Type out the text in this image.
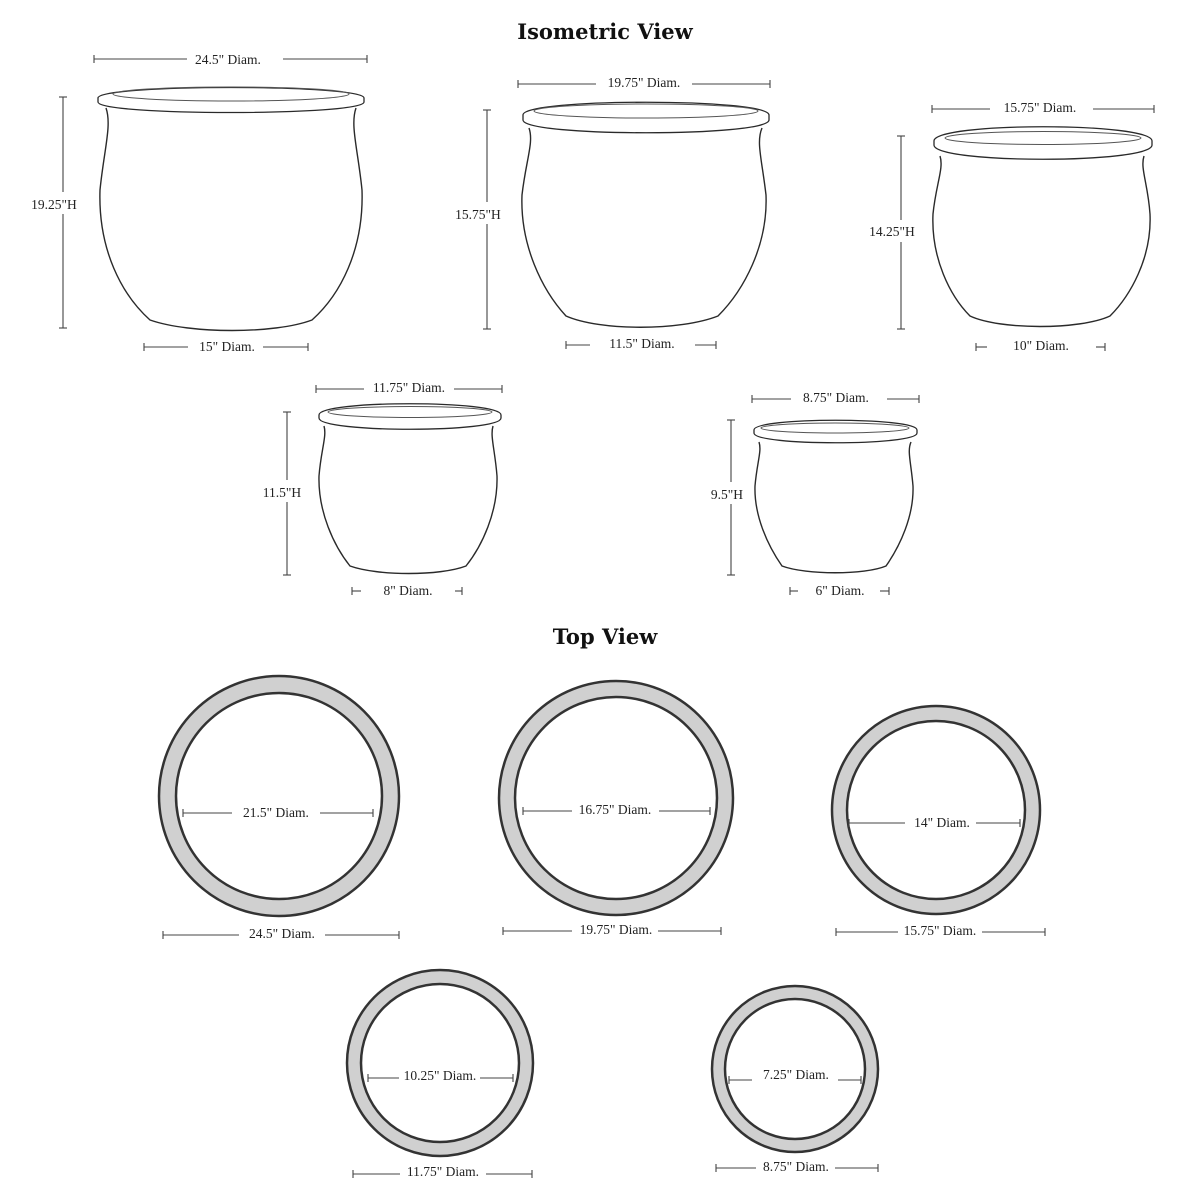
Isometric View
Top View
24.5" Diam.
19.25"H
15" Diam.
19.75" Diam.
15.75"H
11.5" Diam.
15.75" Diam.
14.25"H
10" Diam.
11.75" Diam.
11.5"H
8" Diam.
8.75" Diam.
9.5"H
6" Diam.
21.5" Diam.
24.5" Diam.
16.75" Diam.
19.75" Diam.
14" Diam.
15.75" Diam.
10.25" Diam.
11.75" Diam.
7.25" Diam.
8.75" Diam.
